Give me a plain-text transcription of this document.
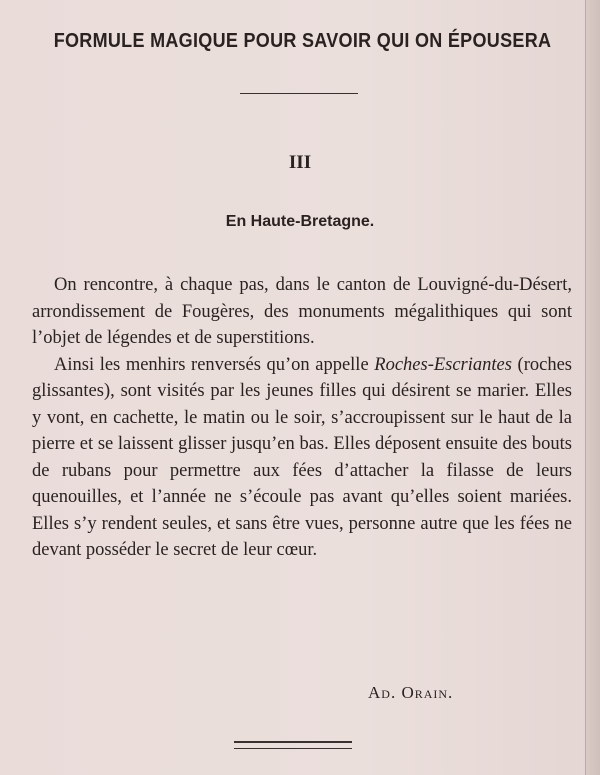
FORMULE MAGIQUE POUR SAVOIR QUI ON ÉPOUSERA
III
En Haute-Bretagne.

On rencontre, à chaque pas, dans le canton de Louvigné-du-Désert, arrondissement de Fougères, des monuments mégalithiques qui sont l’objet de légendes et de superstitions.

Ainsi les menhirs renversés qu’on appelle Roches-Escriantes (roches glissantes), sont visités par les jeunes filles qui désirent se marier. Elles y vont, en cachette, le matin ou le soir, s’accroupissent sur le haut de la pierre et se laissent glisser jusqu’en bas. Elles déposent ensuite des bouts de rubans pour permettre aux fées d’attacher la filasse de leurs quenouilles, et l’année ne s’écoule pas avant qu’elles soient mariées. Elles s’y rendent seules, et sans être vues, personne autre que les fées ne devant posséder le secret de leur cœur.

Ad. Orain.
